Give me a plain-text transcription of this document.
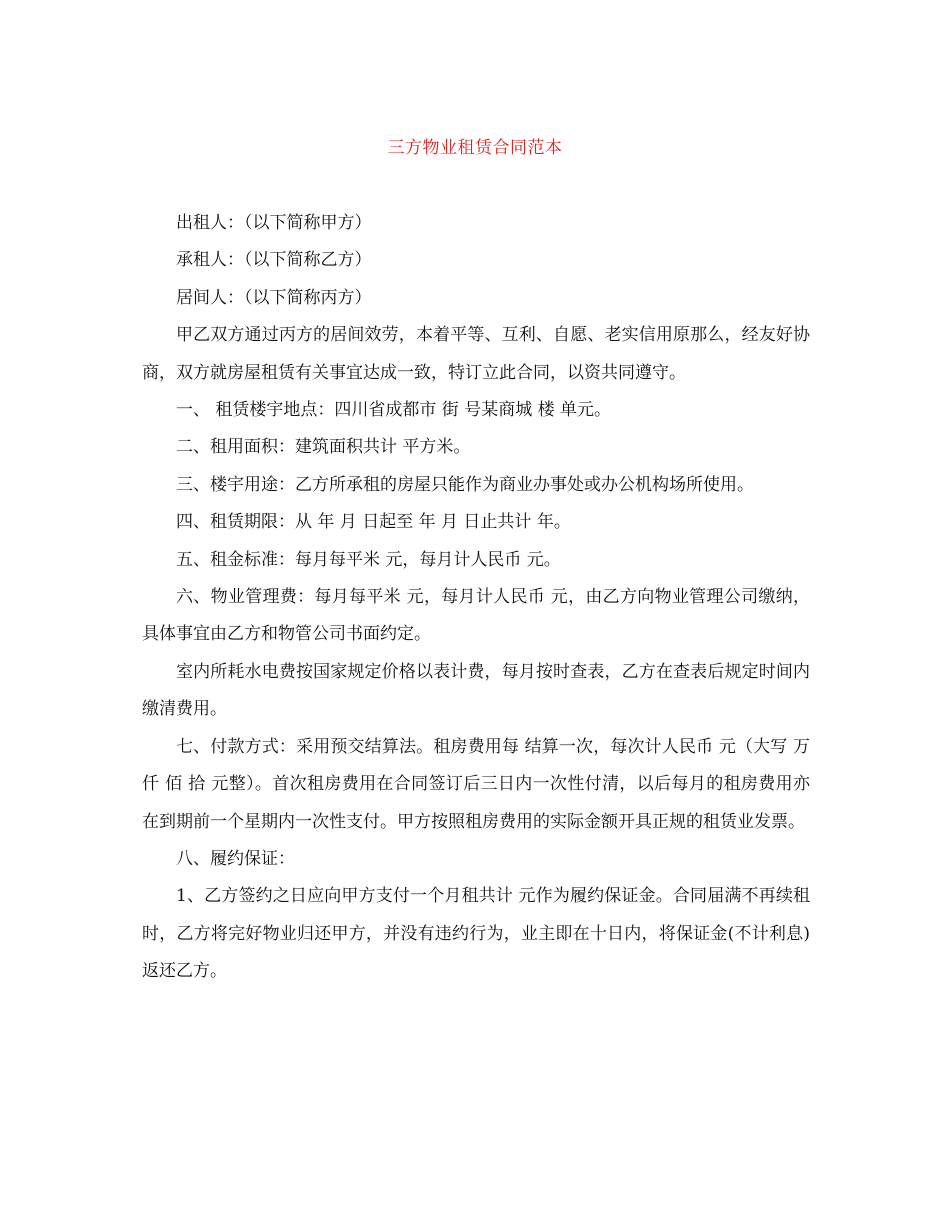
三方物业租赁合同范本

出租人：（以下简称甲方）

承租人：（以下简称乙方）

居间人：（以下简称丙方）

甲乙双方通过丙方的居间效劳，本着平等、互利、自愿、老实信用原那么，经友好协商，双方就房屋租赁有关事宜达成一致，特订立此合同，以资共同遵守。

一、 租赁楼宇地点：四川省成都市 街 号某商城 楼 单元。

二、租用面积：建筑面积共计 平方米。

三、楼宇用途：乙方所承租的房屋只能作为商业办事处或办公机构场所使用。

四、租赁期限：从 年 月 日起至 年 月 日止共计 年。

五、租金标准：每月每平米 元，每月计人民币 元。

六、物业管理费：每月每平米 元，每月计人民币 元，由乙方向物业管理公司缴纳，具体事宜由乙方和物管公司书面约定。

室内所耗水电费按国家规定价格以表计费，每月按时查表，乙方在查表后规定时间内缴清费用。

七、付款方式：采用预交结算法。租房费用每 结算一次，每次计人民币 元（大写 万 仟 佰 拾 元整）。首次租房费用在合同签订后三日内一次性付清，以后每月的租房费用亦在到期前一个星期内一次性支付。甲方按照租房费用的实际金额开具正规的租赁业发票。

八、履约保证：

1、乙方签约之日应向甲方支付一个月租共计 元作为履约保证金。合同届满不再续租时，乙方将完好物业归还甲方，并没有违约行为，业主即在十日内，将保证金(不计利息)返还乙方。
